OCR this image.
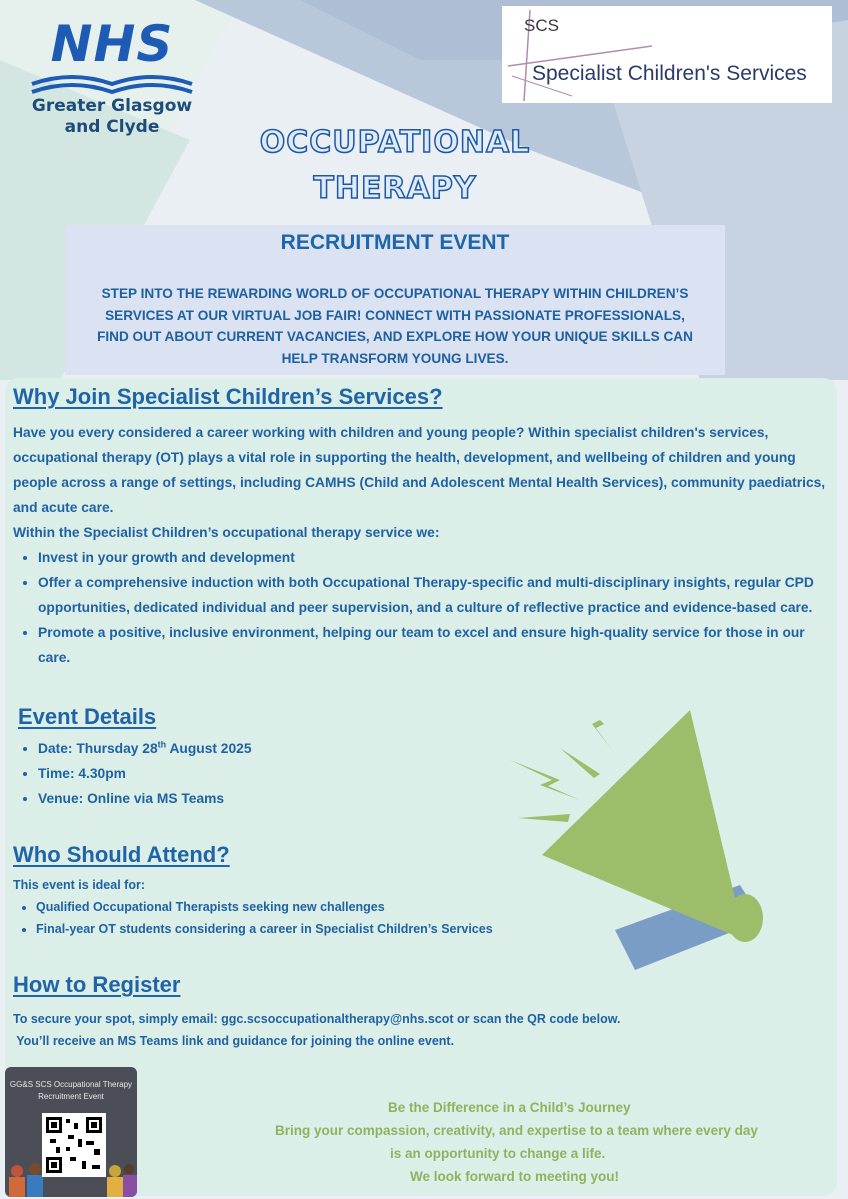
NHS
Greater Glasgow
and Clyde
SCS
Specialist Children's Services
OCCUPATIONAL
THERAPY
RECRUITMENT EVENT
STEP INTO THE REWARDING WORLD OF OCCUPATIONAL THERAPY WITHIN CHILDREN’S SERVICES AT OUR VIRTUAL JOB FAIR! CONNECT WITH PASSIONATE PROFESSIONALS, FIND OUT ABOUT CURRENT VACANCIES, AND EXPLORE HOW YOUR UNIQUE SKILLS CAN HELP TRANSFORM YOUNG LIVES.
Why Join Specialist Children’s Services?

Have you every considered a career working with children and young people? Within specialist children's services, occupational therapy (OT) plays a vital role in supporting the health, development, and wellbeing of children and young people across a range of settings, including CAMHS (Child and Adolescent Mental Health Services), community paediatrics, and acute care.

Within the Specialist Children’s occupational therapy service we:

• Invest in your growth and development
• Offer a comprehensive induction with both Occupational Therapy-specific and multi-disciplinary insights, regular CPD opportunities, dedicated individual and peer supervision, and a culture of reflective practice and evidence-based care.
• Promote a positive, inclusive environment, helping our team to excel and ensure high-quality service for those in our care.
Event Details
• Date: Thursday 28th August 2025
• Time: 4.30pm
• Venue: Online via MS Teams
Who Should Attend?

This event is ideal for:

• Qualified Occupational Therapists seeking new challenges
• Final-year OT students considering a career in Specialist Children’s Services
How to Register

To secure your spot, simply email: ggc.scsoccupationaltherapy@nhs.scot or scan the QR code below.

You’ll receive an MS Teams link and guidance for joining the online event.

GG&S SCS Occupational Therapy Recruitment Event
Be the Difference in a Child’s Journey
Bring your compassion, creativity, and expertise to a team where every day
is an opportunity to change a life.
We look forward to meeting you!
